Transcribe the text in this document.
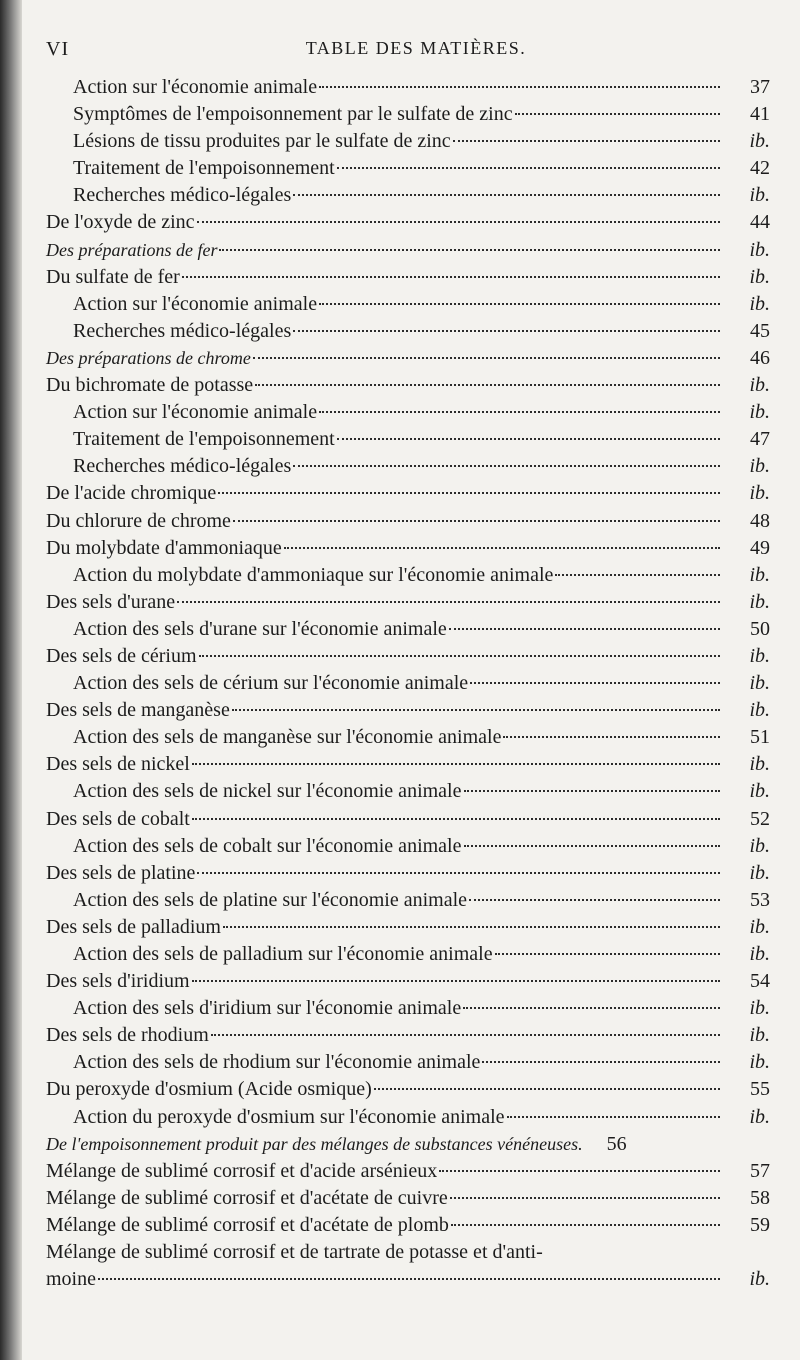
VI	TABLE DES MATIÈRES.
Action sur l'économie animale	37
Symptômes de l'empoisonnement par le sulfate de zinc	41
Lésions de tissu produites par le sulfate de zinc	ib.
Traitement de l'empoisonnement	42
Recherches médico-légales	ib.
De l'oxyde de zinc	44
Des préparations de fer	ib.
Du sulfate de fer	ib.
Action sur l'économie animale	ib.
Recherches médico-légales	45
Des préparations de chrome	46
Du bichromate de potasse	ib.
Action sur l'économie animale	ib.
Traitement de l'empoisonnement	47
Recherches médico-légales	ib.
De l'acide chromique	ib.
Du chlorure de chrome	48
Du molybdate d'ammoniaque	49
Action du molybdate d'ammoniaque sur l'économie animale	ib.
Des sels d'urane	ib.
Action des sels d'urane sur l'économie animale	50
Des sels de cérium	ib.
Action des sels de cérium sur l'économie animale	ib.
Des sels de manganèse	ib.
Action des sels de manganèse sur l'économie animale	51
Des sels de nickel	ib.
Action des sels de nickel sur l'économie animale	ib.
Des sels de cobalt	52
Action des sels de cobalt sur l'économie animale	ib.
Des sels de platine	ib.
Action des sels de platine sur l'économie animale	53
Des sels de palladium	ib.
Action des sels de palladium sur l'économie animale	ib.
Des sels d'iridium	54
Action des sels d'iridium sur l'économie animale	ib.
Des sels de rhodium	ib.
Action des sels de rhodium sur l'économie animale	ib.
Du peroxyde d'osmium (Acide osmique)	55
Action du peroxyde d'osmium sur l'économie animale	ib.
De l'empoisonnement produit par des mélanges de substances vénéneuses.	56
Mélange de sublimé corrosif et d'acide arsénieux	57
Mélange de sublimé corrosif et d'acétate de cuivre	58
Mélange de sublimé corrosif et d'acétate de plomb	59
Mélange de sublimé corrosif et de tartrate de potasse et d'anti-
moine	ib.
